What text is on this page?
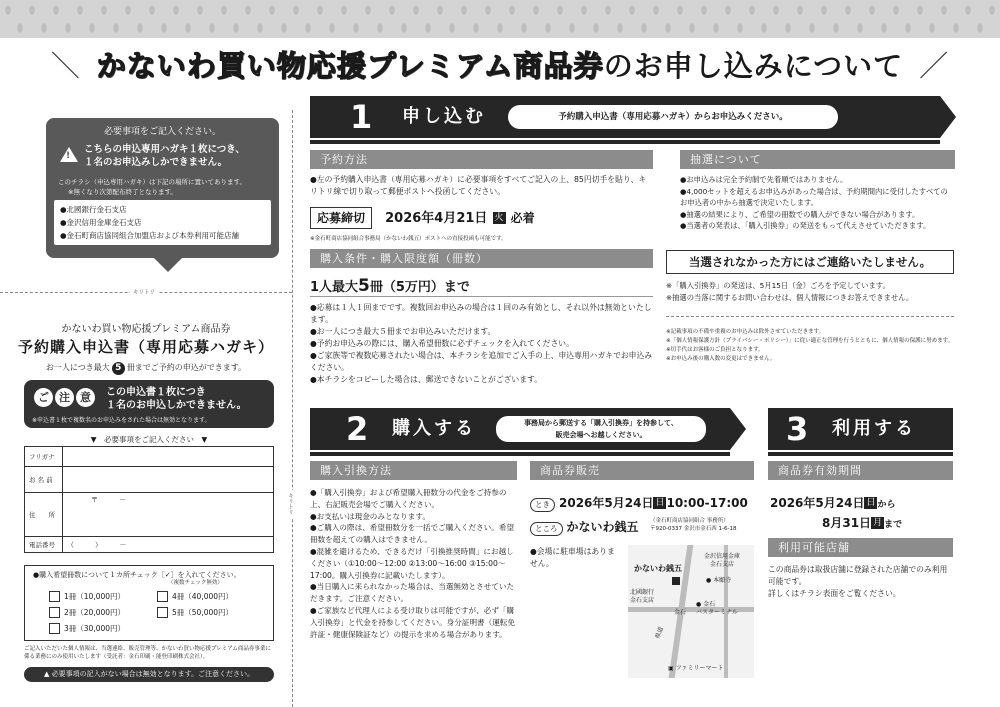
＼ かないわ買い物応援プレミアム商品券のお申し込みについて ／
必要事項をご記入ください。
!
こちらの申込専用ハガキ１枚につき、
１名のお申込みしかできません。
このチラシ（申込専用ハガキ）は下記の場所に置いてあります。
※無くなり次第配布終了となります。
●北國銀行金石支店
●金沢信用金庫金石支店
●金石町商店協同組合加盟店および本券利用可能店舗
キリトリ
キリトリ
かないわ買い物応援プレミアム商品券
予約購入申込書（専用応募ハガキ）
お一人につき最大 5 冊までご予約の申込ができます。
ご 注 意	この申込書１枚につき
１名のお申込しかできません。
※申込書１枚で複数名のお申込みをされた場合は無効となります。
▼　必要事項をご記入ください　▼
フリガナ	
お 名 前	
住　　所	〒　　　－

電話番号	（　　　）　　　－
●購入希望冊数について１カ所チェック［✓］を入れてください。
（複数チェック無効）
1冊（10,000円）	4冊（40,000円）
2冊（20,000円）	5冊（50,000円）
3冊（30,000円）
ご記入いただいた個人情報は、当選連絡、販売管理等、かないわ買い物応援プレミアム商品券事業に係る業務にのみ使用いたします（受託者：金石印刷・能登印刷株式会社）。
▲ 必要事項の記入がない場合は無効となります。ご注意ください。
1 申し込む	予約購入申込書（専用応募ハガキ）からお申込みください。
予約方法
●左の予約購入申込書（専用応募ハガキ）に必要事項をすべてご記入の上、85円切手を貼り、キリトリ線で切り取って郵便ポストへ投函してください。
応募締切 2026年4月21日 火 必着
※金石町商店協同組合事務局（かないわ銭五）ポストへの直接投函も可能です。
購入条件・購入限度額（冊数）
1人最大5冊（5万円）まで
●応募は１人１回までです。複数回お申込みの場合は１回のみ有効とし、それ以外は無効といたします。
●お一人につき最大５冊までお申込みいただけます。
●予約お申込みの際には、購入希望冊数に必ずチェックを入れてください。
●ご家族等で複数応募されたい場合は、本チラシを追加でご入手の上、申込専用ハガキでお申込みください。
●本チラシをコピーした場合は、郵送できないことがございます。
抽選について
●お申込みは完全予約制で先着順ではありません。
●4,000セットを超えるお申込みがあった場合は、予約期間内に受付したすべてのお申込者の中から抽選で決定いたします。
●抽選の結果により、ご希望の冊数での購入ができない場合があります。
●当選者の発表は、「購入引換券」の発送をもって代えさせていただきます。
当選されなかった方にはご連絡いたしません。
※「購入引換券」の発送は、5月15日（金）ごろを予定しています。
※抽選の当落に関するお問い合わせは、個人情報につきお答えできません。
※記載事項の不備や重複のお申込みは除外させていただきます。
※「個人情報保護方針（プライバシー・ポリシー）」に従い適正な管理を行うとともに、個人情報の保護に努めます。
※切手代はお客様のご負担となります。
※お申込み後の購入数の変更はできません。
2 購入する	事務局から郵送する「購入引換券」を持参して、
販売会場へお越しください。
購入引換方法
●「購入引換券」および希望購入冊数分の代金をご持参の上、右記販売会場でご購入ください。
●お支払いは現金のみとなります。
●ご購入の際は、希望冊数分を一括でご購入ください。希望冊数を超えての購入はできません。
●混雑を避けるため、できるだけ「引換推奨時間」にお越しください（①10:00～12:00 ②13:00～16:00 ③15:00～17:00。購入引換券に記載いたします）。
●当日購入に来られなかった場合は、当選無効とさせていただきます。ご注意ください。
●ご家族など代理人による受け取りは可能ですが、必ず「購入引換券」と代金を持参してください。身分証明書（運転免許証・健康保険証など）の提示を求める場合があります。
商品券販売
とき 2026年5月24日 日 10:00-17:00
ところ かないわ銭五	（金石町商店協同組合 事務所）
〒920-0337 金沢市金石西 1-6-18
●会場に駐車場はありません。
かないわ銭五
北國銀行
金石支店
金沢信用金庫
金石支店
● 本願寺
金石
● 金石
バスターミナル
県道
▣ ファミリーマート
3 利用する
商品券有効期間
2026年5月24日 日 から
8月31日 月 まで
利用可能店舗
この商品券は取扱店舗に登録された店舗でのみ利用可能です。
詳しくはチラシ表面をご覧ください。
